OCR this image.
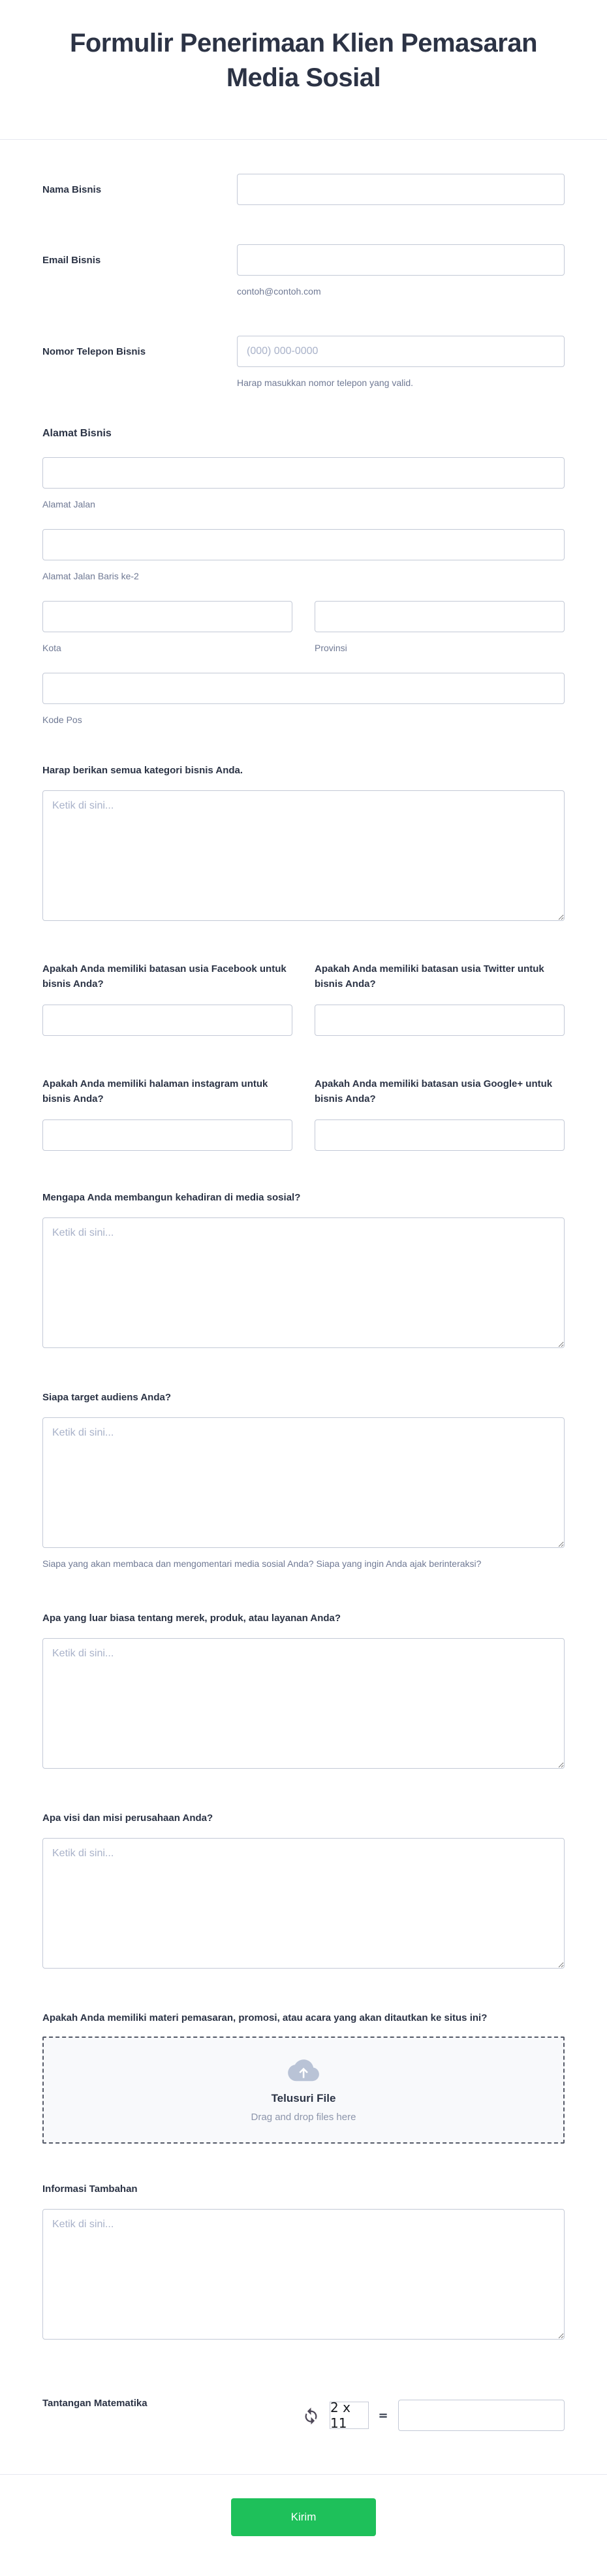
Formulir Penerimaan Klien Pemasaran
Media Sosial
Nama Bisnis
Email Bisnis
contoh@contoh.com
Nomor Telepon Bisnis
(000) 000-0000
Harap masukkan nomor telepon yang valid.
Alamat Bisnis
Alamat Jalan
Alamat Jalan Baris ke-2
Kota	Provinsi
Kode Pos
Harap berikan semua kategori bisnis Anda.
Ketik di sini...
Apakah Anda memiliki batasan usia Facebook untuk bisnis Anda?
Apakah Anda memiliki batasan usia Twitter untuk bisnis Anda?
Apakah Anda memiliki halaman instagram untuk bisnis Anda?
Apakah Anda memiliki batasan usia Google+ untuk bisnis Anda?
Mengapa Anda membangun kehadiran di media sosial?
Ketik di sini...
Siapa target audiens Anda?
Ketik di sini...
Siapa yang akan membaca dan mengomentari media sosial Anda? Siapa yang ingin Anda ajak berinteraksi?
Apa yang luar biasa tentang merek, produk, atau layanan Anda?
Ketik di sini...
Apa visi dan misi perusahaan Anda?
Ketik di sini...
Apakah Anda memiliki materi pemasaran, promosi, atau acara yang akan ditautkan ke situs ini?
Telusuri File
Drag and drop files here
Informasi Tambahan
Ketik di sini...
Tantangan Matematika	2 x 11	=
Kirim
